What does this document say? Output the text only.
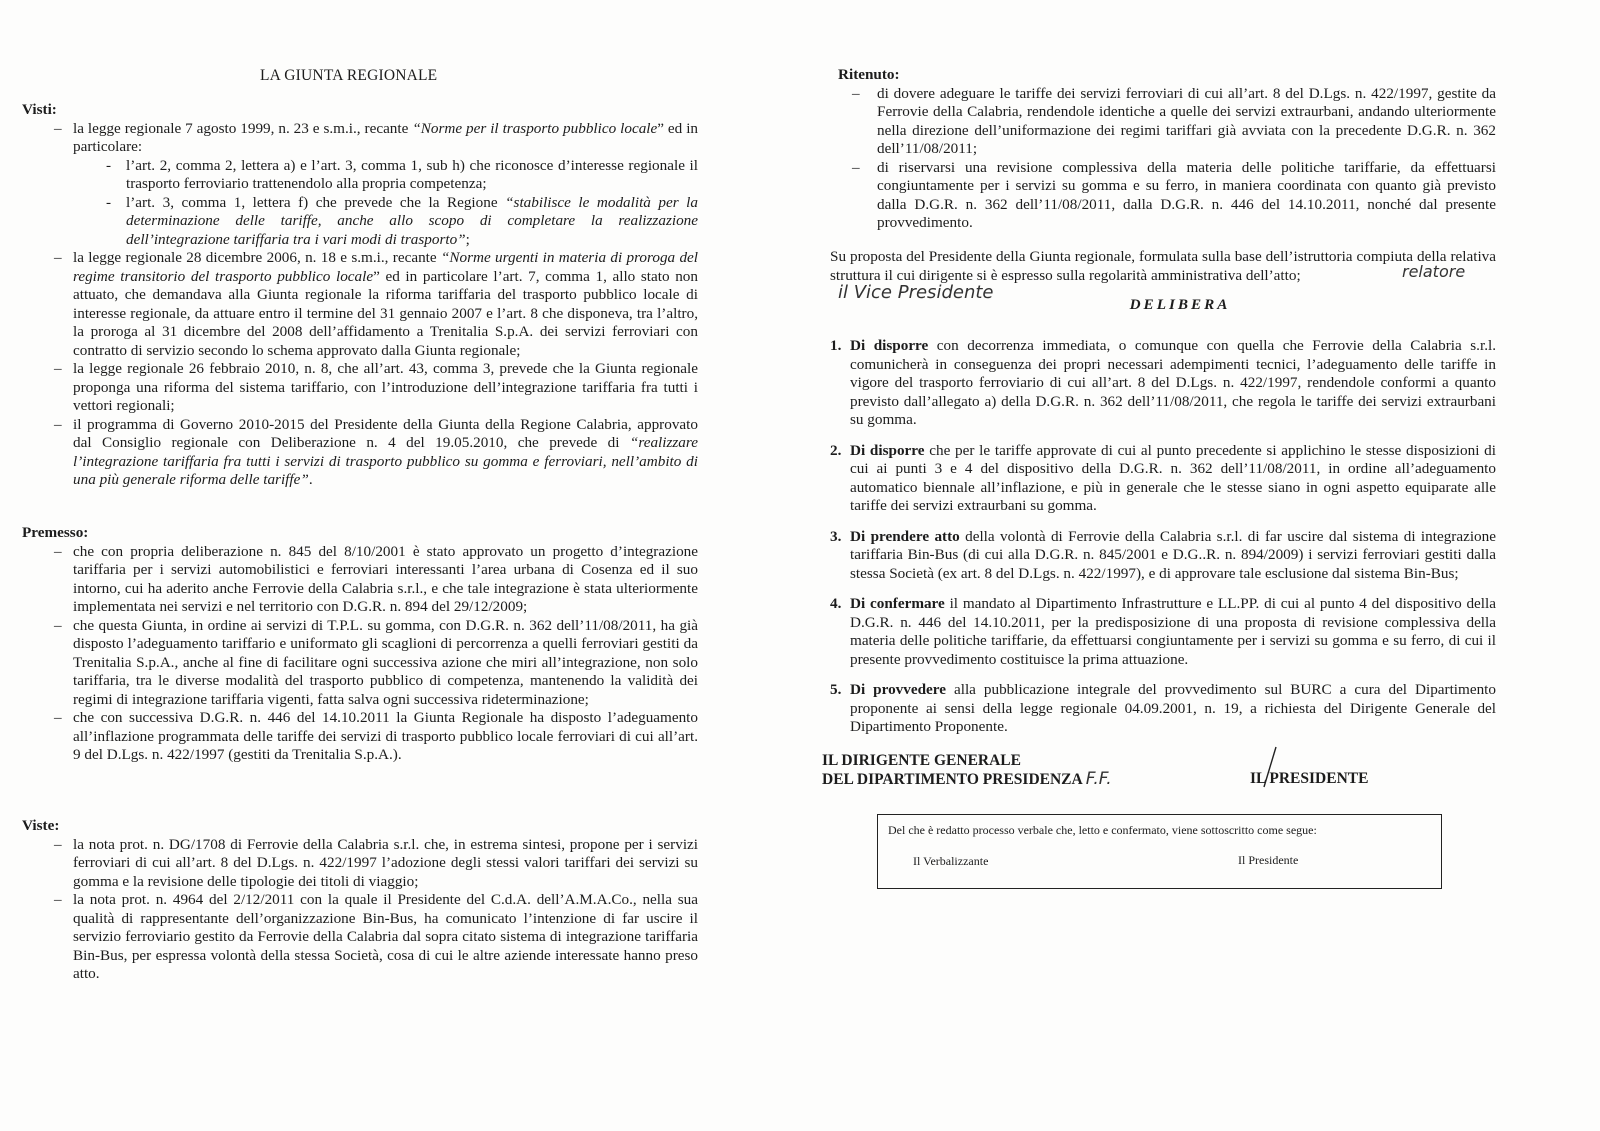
LA GIUNTA REGIONALE
Visti:
– la legge regionale 7 agosto 1999, n. 23 e s.m.i., recante “Norme per il trasporto pubblico locale” ed in particolare:
- l’art. 2, comma 2, lettera a) e l’art. 3, comma 1, sub h) che riconosce d’interesse regionale il trasporto ferroviario trattenendolo alla propria competenza;
- l’art. 3, comma 1, lettera f) che prevede che la Regione “stabilisce le modalità per la determinazione delle tariffe, anche allo scopo di completare la realizzazione dell’integrazione tariffaria tra i vari modi di trasporto”;
– la legge regionale 28 dicembre 2006, n. 18 e s.m.i., recante “Norme urgenti in materia di proroga del regime transitorio del trasporto pubblico locale” ed in particolare l’art. 7, comma 1, allo stato non attuato, che demandava alla Giunta regionale la riforma tariffaria del trasporto pubblico locale di interesse regionale, da attuare entro il termine del 31 gennaio 2007 e l’art. 8 che disponeva, tra l’altro, la proroga al 31 dicembre del 2008 dell’affidamento a Trenitalia S.p.A. dei servizi ferroviari con contratto di servizio secondo lo schema approvato dalla Giunta regionale;
– la legge regionale 26 febbraio 2010, n. 8, che all’art. 43, comma 3, prevede che la Giunta regionale proponga una riforma del sistema tariffario, con l’introduzione dell’integrazione tariffaria fra tutti i vettori regionali;
– il programma di Governo 2010-2015 del Presidente della Giunta della Regione Calabria, approvato dal Consiglio regionale con Deliberazione n. 4 del 19.05.2010, che prevede di “realizzare l’integrazione tariffaria fra tutti i servizi di trasporto pubblico su gomma e ferroviari, nell’ambito di una più generale riforma delle tariffe”.
Premesso:
– che con propria deliberazione n. 845 del 8/10/2001 è stato approvato un progetto d’integrazione tariffaria per i servizi automobilistici e ferroviari interessanti l’area urbana di Cosenza ed il suo intorno, cui ha aderito anche Ferrovie della Calabria s.r.l., e che tale integrazione è stata ulteriormente implementata nei servizi e nel territorio con D.G.R. n. 894 del 29/12/2009;
– che questa Giunta, in ordine ai servizi di T.P.L. su gomma, con D.G.R. n. 362 dell’11/08/2011, ha già disposto l’adeguamento tariffario e uniformato gli scaglioni di percorrenza a quelli ferroviari gestiti da Trenitalia S.p.A., anche al fine di facilitare ogni successiva azione che miri all’integrazione, non solo tariffaria, tra le diverse modalità del trasporto pubblico di competenza, mantenendo la validità dei regimi di integrazione tariffaria vigenti, fatta salva ogni successiva rideterminazione;
– che con successiva D.G.R. n. 446 del 14.10.2011 la Giunta Regionale ha disposto l’adeguamento all’inflazione programmata delle tariffe dei servizi di trasporto pubblico locale ferroviari di cui all’art. 9 del D.Lgs. n. 422/1997 (gestiti da Trenitalia S.p.A.).
Viste:
– la nota prot. n. DG/1708 di Ferrovie della Calabria s.r.l. che, in estrema sintesi, propone per i servizi ferroviari di cui all’art. 8 del D.Lgs. n. 422/1997 l’adozione degli stessi valori tariffari dei servizi su gomma e la revisione delle tipologie dei titoli di viaggio;
– la nota prot. n. 4964 del 2/12/2011 con la quale il Presidente del C.d.A. dell’A.M.A.Co., nella sua qualità di rappresentante dell’organizzazione Bin-Bus, ha comunicato l’intenzione di far uscire il servizio ferroviario gestito da Ferrovie della Calabria dal sopra citato sistema di integrazione tariffaria Bin-Bus, per espressa volontà della stessa Società, cosa di cui le altre aziende interessate hanno preso atto.
Ritenuto:
– di dovere adeguare le tariffe dei servizi ferroviari di cui all’art. 8 del D.Lgs. n. 422/1997, gestite da Ferrovie della Calabria, rendendole identiche a quelle dei servizi extraurbani, andando ulteriormente nella direzione dell’uniformazione dei regimi tariffari già avviata con la precedente D.G.R. n. 362 dell’11/08/2011;
– di riservarsi una revisione complessiva della materia delle politiche tariffarie, da effettuarsi congiuntamente per i servizi su gomma e su ferro, in maniera coordinata con quanto già previsto dalla D.G.R. n. 362 dell’11/08/2011, dalla D.G.R. n. 446 del 14.10.2011, nonché dal presente provvedimento.
Su proposta del Presidente della Giunta regionale, formulata sulla base dell’istruttoria compiuta della relativa struttura il cui dirigente si è espresso sulla regolarità amministrativa dell’atto;
DELIBERA
1. Di disporre con decorrenza immediata, o comunque con quella che Ferrovie della Calabria s.r.l. comunicherà in conseguenza dei propri necessari adempimenti tecnici, l’adeguamento delle tariffe in vigore del trasporto ferroviario di cui all’art. 8 del D.Lgs. n. 422/1997, rendendole conformi a quanto previsto dall’allegato a) della D.G.R. n. 362 dell’11/08/2011, che regola le tariffe dei servizi extraurbani su gomma.
2. Di disporre che per le tariffe approvate di cui al punto precedente si applichino le stesse disposizioni di cui ai punti 3 e 4 del dispositivo della D.G.R. n. 362 dell’11/08/2011, in ordine all’adeguamento automatico biennale all’inflazione, e più in generale che le stesse siano in ogni aspetto equiparate alle tariffe dei servizi extraurbani su gomma.
3. Di prendere atto della volontà di Ferrovie della Calabria s.r.l. di far uscire dal sistema di integrazione tariffaria Bin-Bus (di cui alla D.G.R. n. 845/2001 e D.G..R. n. 894/2009) i servizi ferroviari gestiti dalla stessa Società (ex art. 8 del D.Lgs. n. 422/1997), e di approvare tale esclusione dal sistema Bin-Bus;
4. Di confermare il mandato al Dipartimento Infrastrutture e LL.PP. di cui al punto 4 del dispositivo della D.G.R. n. 446 del 14.10.2011, per la predisposizione di una proposta di revisione complessiva della materia delle politiche tariffarie, da effettuarsi congiuntamente per i servizi su gomma e su ferro, di cui il presente provvedimento costituisce la prima attuazione.
5. Di provvedere alla pubblicazione integrale del provvedimento sul BURC a cura del Dipartimento proponente ai sensi della legge regionale 04.09.2001, n. 19, a richiesta del Dirigente Generale del Dipartimento Proponente.
relatore
il Vice Presidente
IL DIRIGENTE GENERALE
DEL DIPARTIMENTO PRESIDENZA F.F.	IL PRESIDENTE
Del che è redatto processo verbale che, letto e confermato, viene sottoscritto come segue:
Il Verbalizzante	Il Presidente
